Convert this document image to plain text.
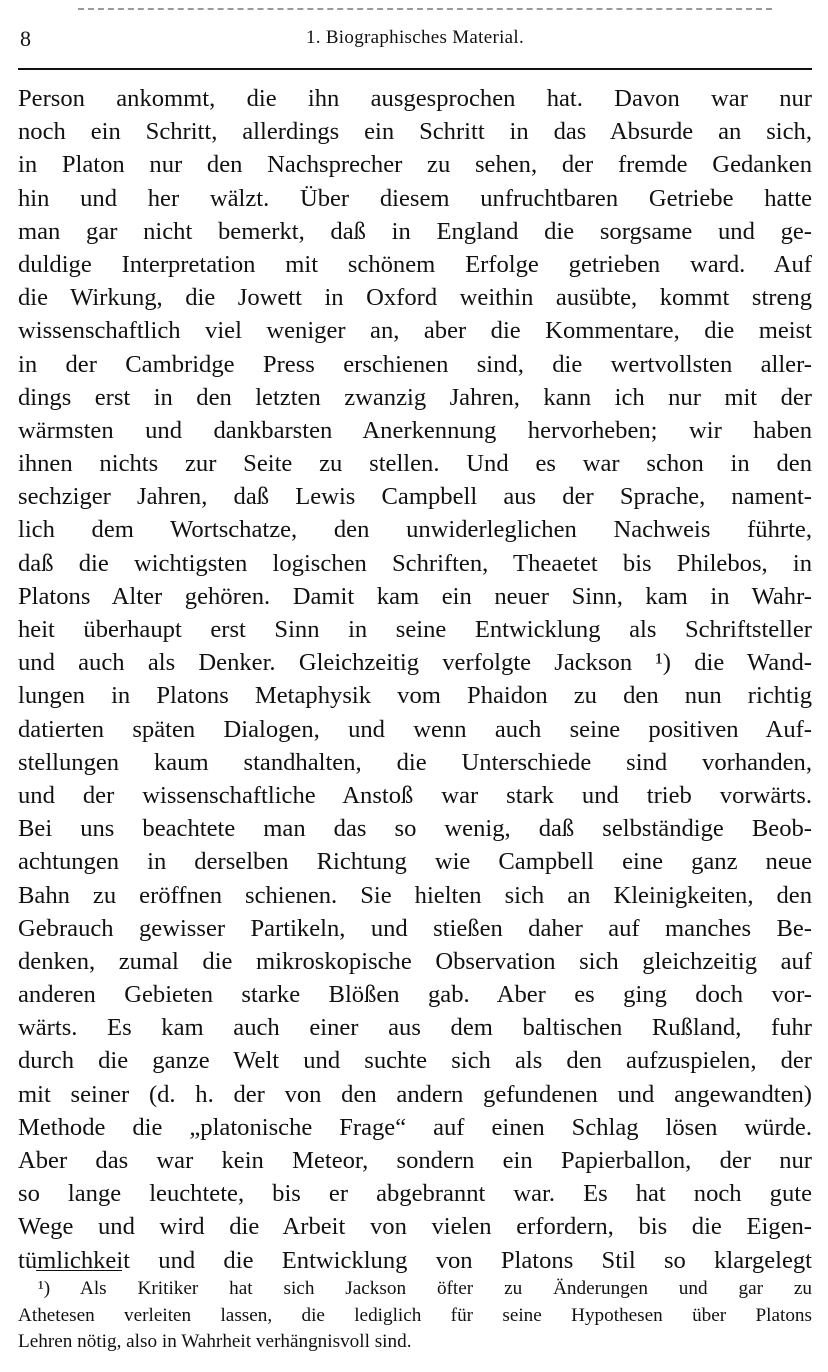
8	1. Biographisches Material.
Person ankommt, die ihn ausgesprochen hat. Davon war nur
noch ein Schritt, allerdings ein Schritt in das Absurde an sich,
in Platon nur den Nachsprecher zu sehen, der fremde Gedanken
hin und her wälzt. Über diesem unfruchtbaren Getriebe hatte
man gar nicht bemerkt, daß in England die sorgsame und ge-
duldige Interpretation mit schönem Erfolge getrieben ward. Auf
die Wirkung, die Jowett in Oxford weithin ausübte, kommt streng
wissenschaftlich viel weniger an, aber die Kommentare, die meist
in der Cambridge Press erschienen sind, die wertvollsten aller-
dings erst in den letzten zwanzig Jahren, kann ich nur mit der
wärmsten und dankbarsten Anerkennung hervorheben; wir haben
ihnen nichts zur Seite zu stellen. Und es war schon in den
sechziger Jahren, daß Lewis Campbell aus der Sprache, nament-
lich dem Wortschatze, den unwiderleglichen Nachweis führte,
daß die wichtigsten logischen Schriften, Theaetet bis Philebos, in
Platons Alter gehören. Damit kam ein neuer Sinn, kam in Wahr-
heit überhaupt erst Sinn in seine Entwicklung als Schriftsteller
und auch als Denker. Gleichzeitig verfolgte Jackson ¹) die Wand-
lungen in Platons Metaphysik vom Phaidon zu den nun richtig
datierten späten Dialogen, und wenn auch seine positiven Auf-
stellungen kaum standhalten, die Unterschiede sind vorhanden,
und der wissenschaftliche Anstoß war stark und trieb vorwärts.
Bei uns beachtete man das so wenig, daß selbständige Beob-
achtungen in derselben Richtung wie Campbell eine ganz neue
Bahn zu eröffnen schienen. Sie hielten sich an Kleinigkeiten, den
Gebrauch gewisser Partikeln, und stießen daher auf manches Be-
denken, zumal die mikroskopische Observation sich gleichzeitig auf
anderen Gebieten starke Blößen gab. Aber es ging doch vor-
wärts. Es kam auch einer aus dem baltischen Rußland, fuhr
durch die ganze Welt und suchte sich als den aufzuspielen, der
mit seiner (d. h. der von den andern gefundenen und angewandten)
Methode die „platonische Frage“ auf einen Schlag lösen würde.
Aber das war kein Meteor, sondern ein Papierballon, der nur
so lange leuchtete, bis er abgebrannt war. Es hat noch gute
Wege und wird die Arbeit von vielen erfordern, bis die Eigen-
tümlichkeit und die Entwicklung von Platons Stil so klargelegt
¹) Als Kritiker hat sich Jackson öfter zu Änderungen und gar zu
Athetesen verleiten lassen, die lediglich für seine Hypothesen über Platons
Lehren nötig, also in Wahrheit verhängnisvoll sind.
